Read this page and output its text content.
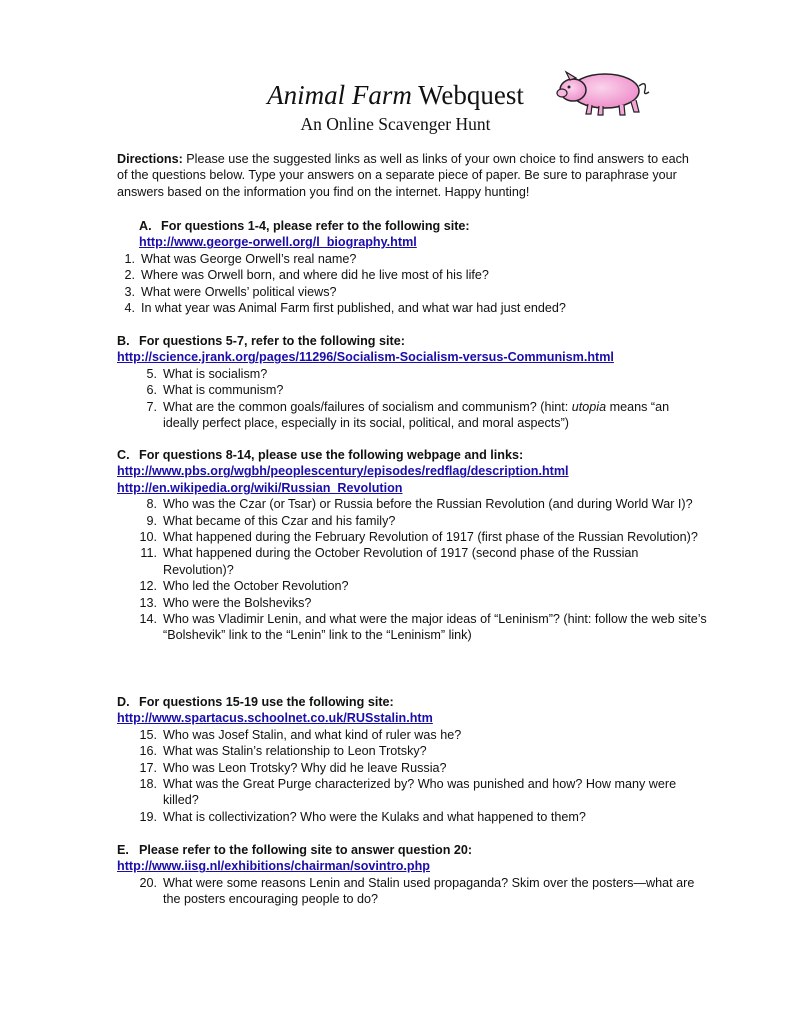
Animal Farm Webquest
An Online Scavenger Hunt
Directions: Please use the suggested links as well as links of your own choice to find answers to each of the questions below. Type your answers on a separate piece of paper. Be sure to paraphrase your answers based on the information you find on the internet. Happy hunting!
A. For questions 1-4, please refer to the following site:
http://www.george-orwell.org/l_biography.html
1. What was George Orwell’s real name?
2. Where was Orwell born, and where did he live most of his life?
3. What were Orwells’ political views?
4. In what year was Animal Farm first published, and what war had just ended?
B. For questions 5-7, refer to the following site:
http://science.jrank.org/pages/11296/Socialism-Socialism-versus-Communism.html
5. What is socialism?
6. What is communism?
7. What are the common goals/failures of socialism and communism? (hint: utopia means “an ideally perfect place, especially in its social, political, and moral aspects”)
C. For questions 8-14, please use the following webpage and links:
http://www.pbs.org/wgbh/peoplescentury/episodes/redflag/description.html
http://en.wikipedia.org/wiki/Russian_Revolution
8. Who was the Czar (or Tsar) or Russia before the Russian Revolution (and during World War I)?
9. What became of this Czar and his family?
10. What happened during the February Revolution of 1917 (first phase of the Russian Revolution)?
11. What happened during the October Revolution of 1917 (second phase of the Russian Revolution)?
12. Who led the October Revolution?
13. Who were the Bolsheviks?
14. Who was Vladimir Lenin, and what were the major ideas of “Leninism”? (hint: follow the web site’s “Bolshevik” link to the “Lenin” link to the “Leninism” link)
D. For questions 15-19 use the following site:
http://www.spartacus.schoolnet.co.uk/RUSstalin.htm
15. Who was Josef Stalin, and what kind of ruler was he?
16. What was Stalin’s relationship to Leon Trotsky?
17. Who was Leon Trotsky? Why did he leave Russia?
18. What was the Great Purge characterized by? Who was punished and how? How many were killed?
19. What is collectivization? Who were the Kulaks and what happened to them?
E. Please refer to the following site to answer question 20:
http://www.iisg.nl/exhibitions/chairman/sovintro.php
20. What were some reasons Lenin and Stalin used propaganda? Skim over the posters—what are the posters encouraging people to do?
